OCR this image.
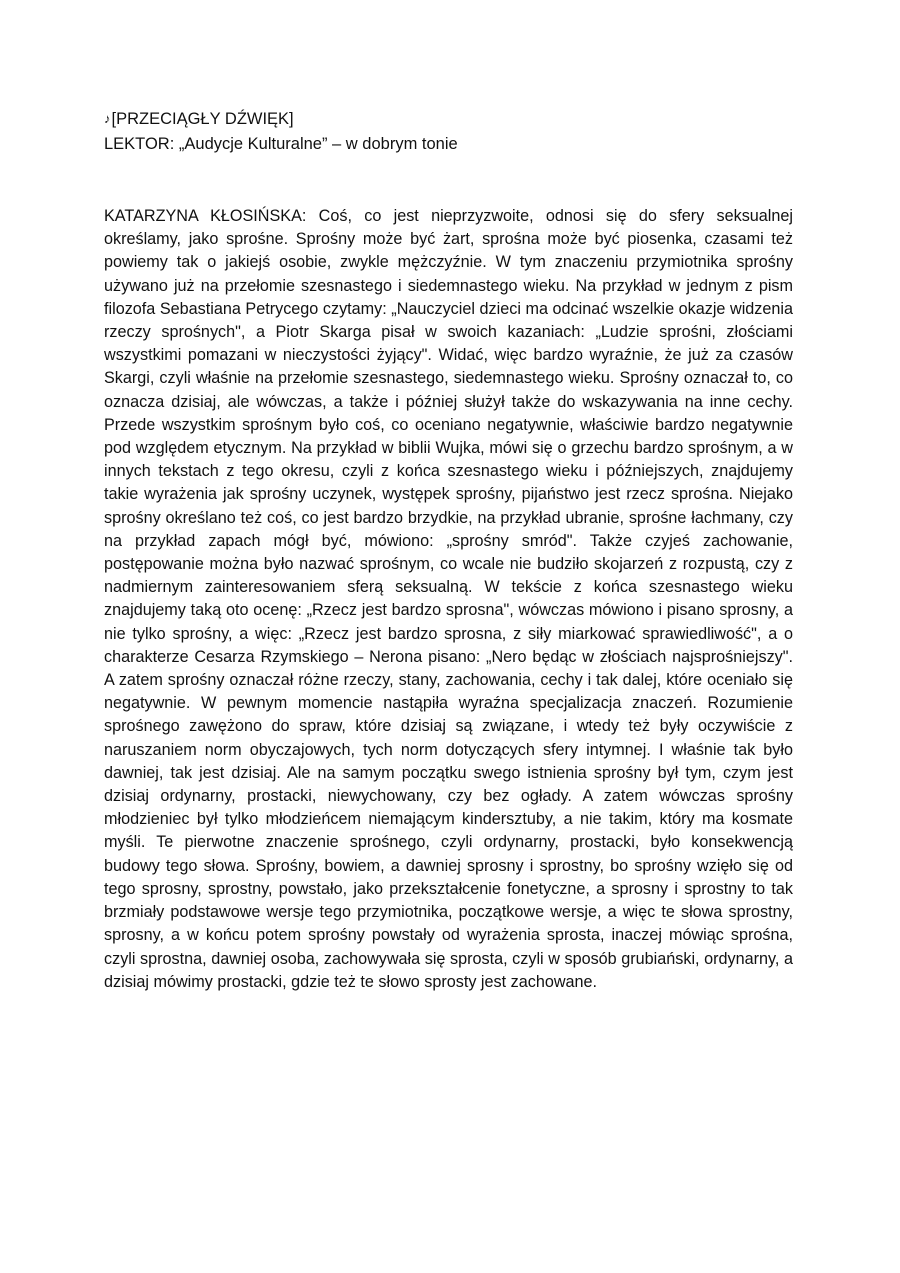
♪[PRZECIĄGŁY DŹWIĘK]
LEKTOR: „Audycje Kulturalne” – w dobrym tonie

KATARZYNA KŁOSIŃSKA: Coś, co jest nieprzyzwoite, odnosi się do sfery seksualnej określamy, jako sprośne. Sprośny może być żart, sprośna może być piosenka, czasami też powiemy tak o jakiejś osobie, zwykle mężczyźnie. W tym znaczeniu przymiotnika sprośny używano już na przełomie szesnastego i siedemnastego wieku. Na przykład w jednym z pism filozofa Sebastiana Petrycego czytamy: „Nauczyciel dzieci ma odcinać wszelkie okazje widzenia rzeczy sprośnych", a Piotr Skarga pisał w swoich kazaniach: „Ludzie sprośni, złościami wszystkimi pomazani w nieczystości żyjący". Widać, więc bardzo wyraźnie, że już za czasów Skargi, czyli właśnie na przełomie szesnastego, siedemnastego wieku. Sprośny oznaczał to, co oznacza dzisiaj, ale wówczas, a także i później służył także do wskazywania na inne cechy. Przede wszystkim sprośnym było coś, co oceniano negatywnie, właściwie bardzo negatywnie pod względem etycznym. Na przykład w biblii Wujka, mówi się o grzechu bardzo sprośnym, a w innych tekstach z tego okresu, czyli z końca szesnastego wieku i późniejszych, znajdujemy takie wyrażenia jak sprośny uczynek, występek sprośny, pijaństwo jest rzecz sprośna. Niejako sprośny określano też coś, co jest bardzo brzydkie, na przykład ubranie, sprośne łachmany, czy na przykład zapach mógł być, mówiono: „sprośny smród". Także czyjeś zachowanie, postępowanie można było nazwać sprośnym, co wcale nie budziło skojarzeń z rozpustą, czy z nadmiernym zainteresowaniem sferą seksualną. W tekście z końca szesnastego wieku znajdujemy taką oto ocenę: „Rzecz jest bardzo sprosna", wówczas mówiono i pisano sprosny, a nie tylko sprośny, a więc: „Rzecz jest bardzo sprosna, z siły miarkować sprawiedliwość", a o charakterze Cesarza Rzymskiego – Nerona pisano: „Nero będąc w złościach najsprośniejszy". A zatem sprośny oznaczał różne rzeczy, stany, zachowania, cechy i tak dalej, które oceniało się negatywnie. W pewnym momencie nastąpiła wyraźna specjalizacja znaczeń. Rozumienie sprośnego zawężono do spraw, które dzisiaj są związane, i wtedy też były oczywiście z naruszaniem norm obyczajowych, tych norm dotyczących sfery intymnej. I właśnie tak było dawniej, tak jest dzisiaj. Ale na samym początku swego istnienia sprośny był tym, czym jest dzisiaj ordynarny, prostacki, niewychowany, czy bez ogłady. A zatem wówczas sprośny młodzieniec był tylko młodzieńcem niemającym kindersztuby, a nie takim, który ma kosmate myśli. Te pierwotne znaczenie sprośnego, czyli ordynarny, prostacki, było konsekwencją budowy tego słowa. Sprośny, bowiem, a dawniej sprosny i sprostny, bo sprośny wzięło się od tego sprosny, sprostny, powstało, jako przekształcenie fonetyczne, a sprosny i sprostny to tak brzmiały podstawowe wersje tego przymiotnika, początkowe wersje, a więc te słowa sprostny, sprosny, a w końcu potem sprośny powstały od wyrażenia sprosta, inaczej mówiąc sprośna, czyli sprostna, dawniej osoba, zachowywała się sprosta, czyli w sposób grubiański, ordynarny, a dzisiaj mówimy prostacki, gdzie też te słowo sprosty jest zachowane.
